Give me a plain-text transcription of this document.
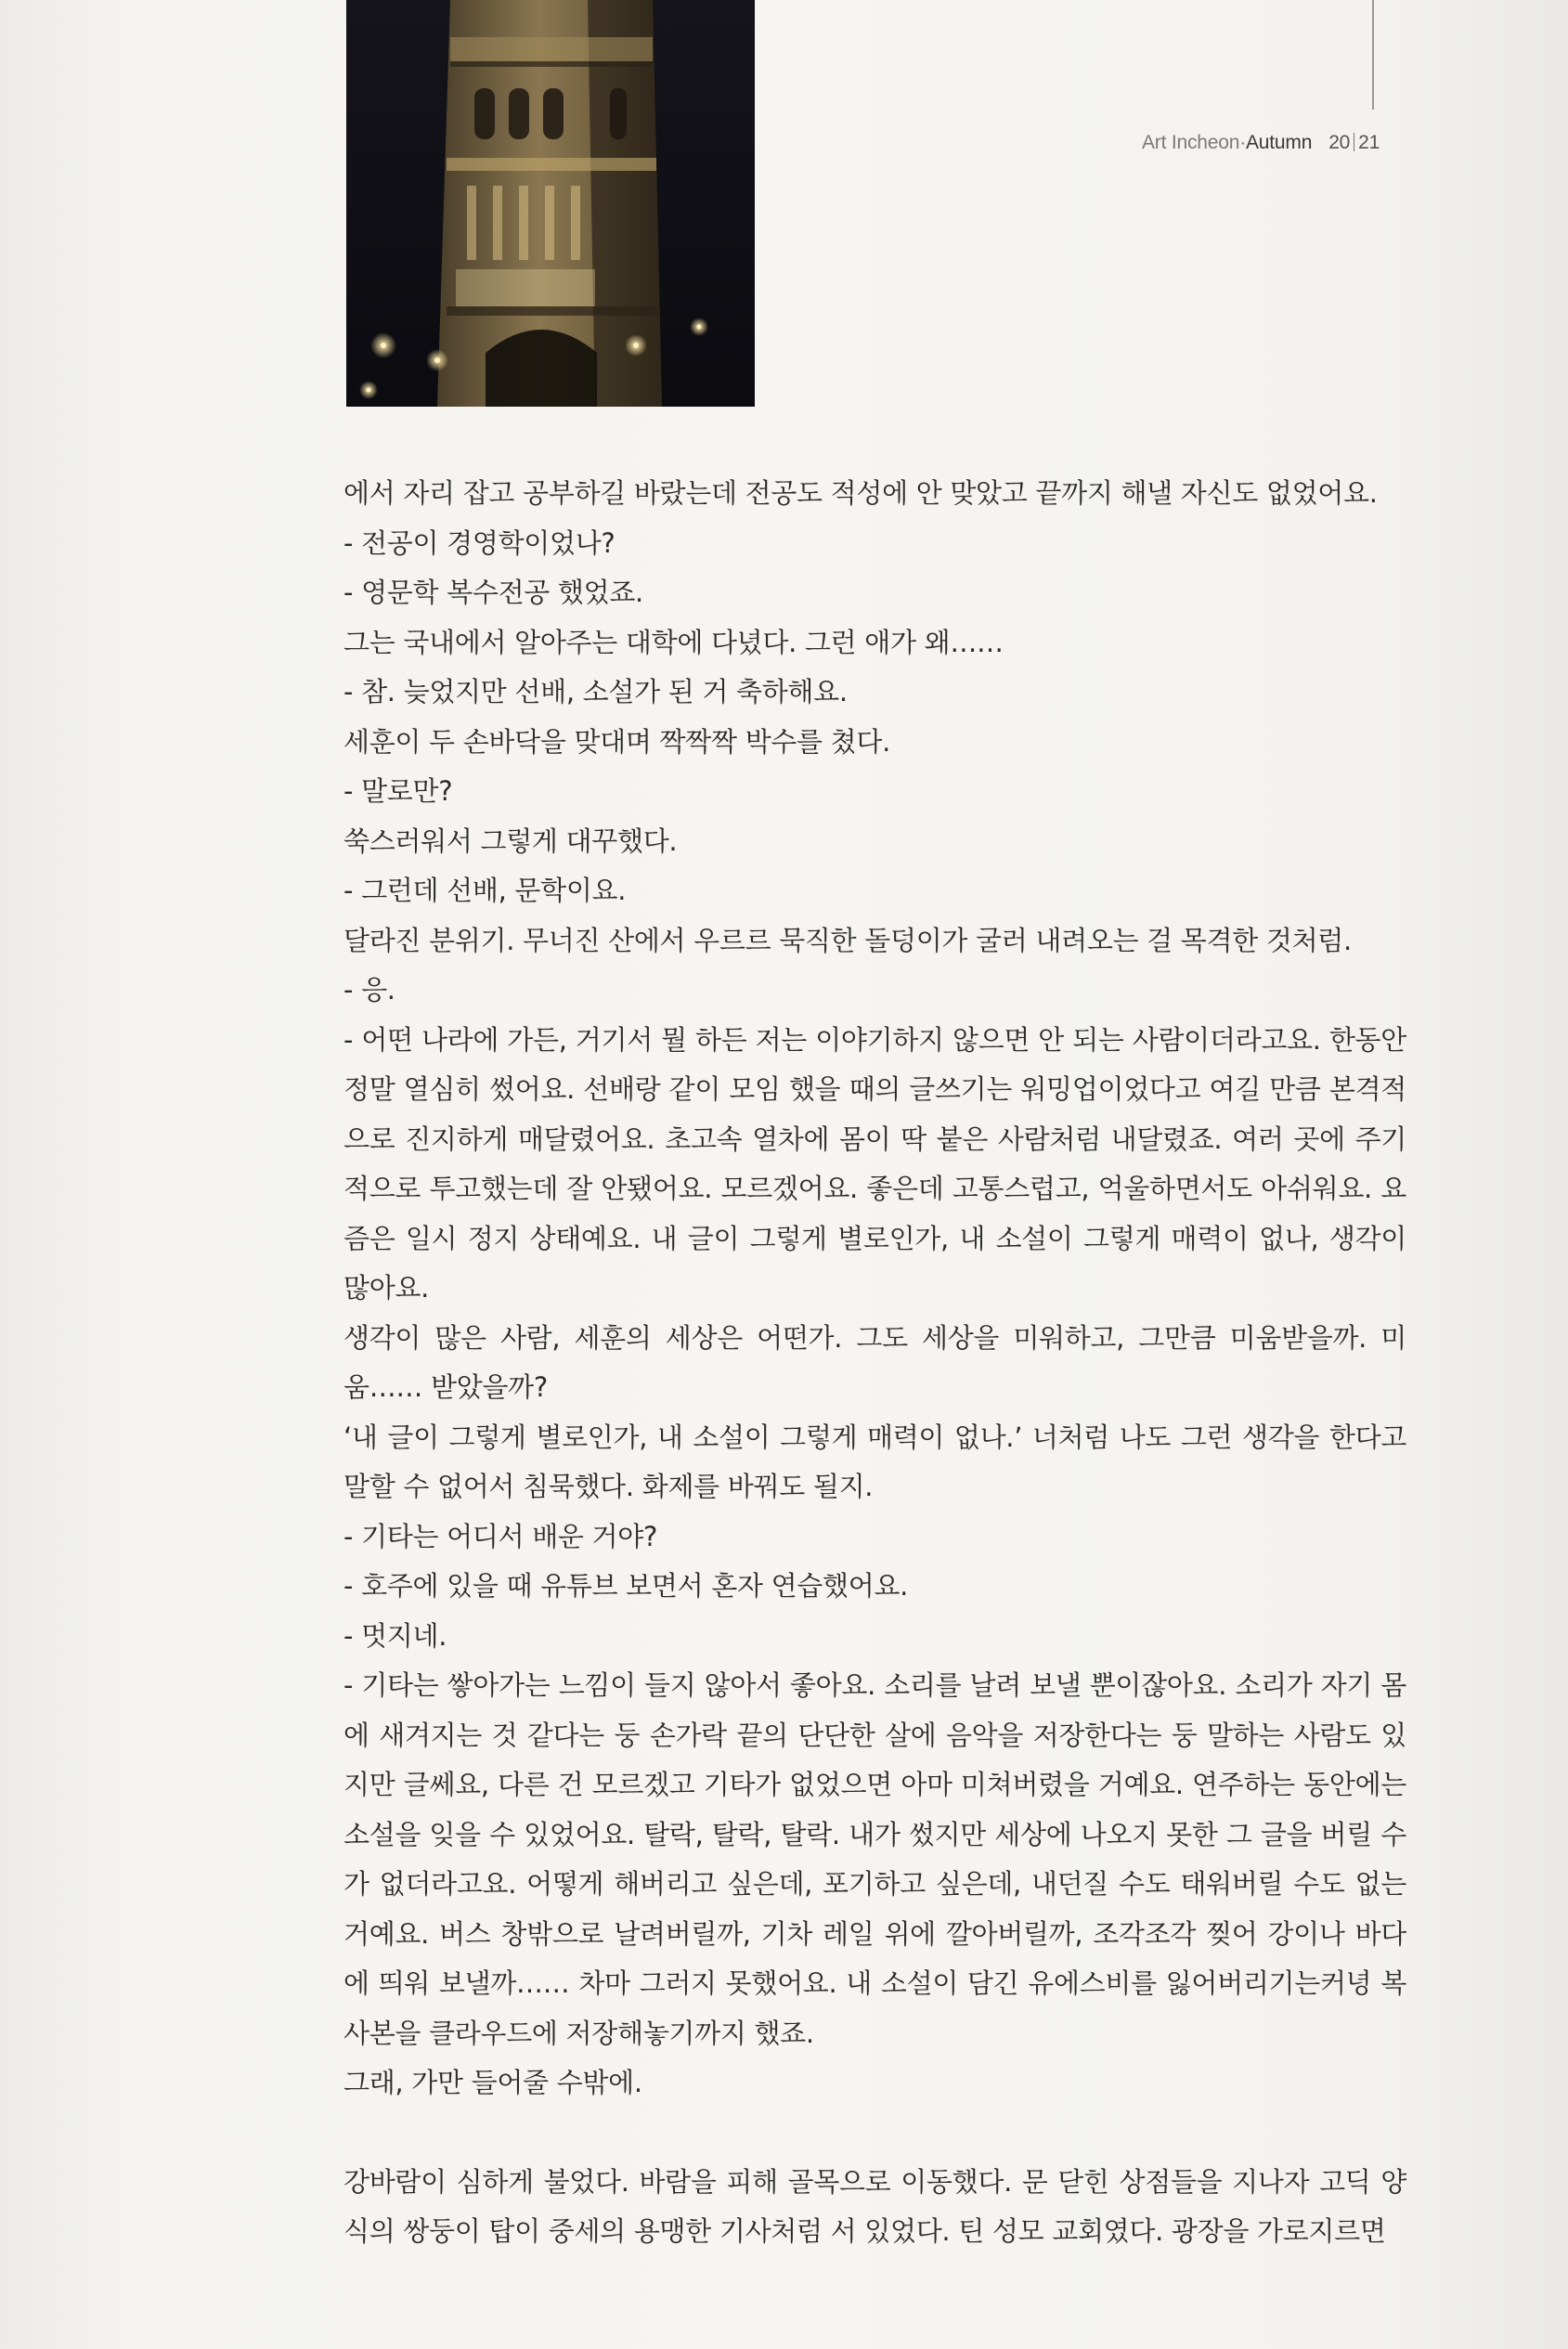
Art Incheon·Autumn 20 21

에서 자리 잡고 공부하길 바랐는데 전공도 적성에 안 맞았고 끝까지 해낼 자신도 없었어요.

- 전공이 경영학이었나?

- 영문학 복수전공 했었죠.

그는 국내에서 알아주는 대학에 다녔다. 그런 애가 왜……

- 참. 늦었지만 선배, 소설가 된 거 축하해요.

세훈이 두 손바닥을 맞대며 짝짝짝 박수를 쳤다.

- 말로만?

쑥스러워서 그렇게 대꾸했다.

- 그런데 선배, 문학이요.

달라진 분위기. 무너진 산에서 우르르 묵직한 돌덩이가 굴러 내려오는 걸 목격한 것처럼.

- 응.

- 어떤 나라에 가든, 거기서 뭘 하든 저는 이야기하지 않으면 안 되는 사람이더라고요. 한동안 정말 열심히 썼어요. 선배랑 같이 모임 했을 때의 글쓰기는 워밍업이었다고 여길 만큼 본격적으로 진지하게 매달렸어요. 초고속 열차에 몸이 딱 붙은 사람처럼 내달렸죠. 여러 곳에 주기적으로 투고했는데 잘 안됐어요. 모르겠어요. 좋은데 고통스럽고, 억울하면서도 아쉬워요. 요즘은 일시 정지 상태예요. 내 글이 그렇게 별로인가, 내 소설이 그렇게 매력이 없나, 생각이 많아요.

생각이 많은 사람, 세훈의 세상은 어떤가. 그도 세상을 미워하고, 그만큼 미움받을까. 미움…… 받았을까?

‘내 글이 그렇게 별로인가, 내 소설이 그렇게 매력이 없나.’ 너처럼 나도 그런 생각을 한다고 말할 수 없어서 침묵했다. 화제를 바꿔도 될지.

- 기타는 어디서 배운 거야?

- 호주에 있을 때 유튜브 보면서 혼자 연습했어요.

- 멋지네.

- 기타는 쌓아가는 느낌이 들지 않아서 좋아요. 소리를 날려 보낼 뿐이잖아요. 소리가 자기 몸에 새겨지는 것 같다는 둥 손가락 끝의 단단한 살에 음악을 저장한다는 둥 말하는 사람도 있지만 글쎄요, 다른 건 모르겠고 기타가 없었으면 아마 미쳐버렸을 거예요. 연주하는 동안에는 소설을 잊을 수 있었어요. 탈락, 탈락, 탈락. 내가 썼지만 세상에 나오지 못한 그 글을 버릴 수가 없더라고요. 어떻게 해버리고 싶은데, 포기하고 싶은데, 내던질 수도 태워버릴 수도 없는 거예요. 버스 창밖으로 날려버릴까, 기차 레일 위에 깔아버릴까, 조각조각 찢어 강이나 바다에 띄워 보낼까…… 차마 그러지 못했어요. 내 소설이 담긴 유에스비를 잃어버리기는커녕 복사본을 클라우드에 저장해놓기까지 했죠.

그래, 가만 들어줄 수밖에.

강바람이 심하게 불었다. 바람을 피해 골목으로 이동했다. 문 닫힌 상점들을 지나자 고딕 양식의 쌍둥이 탑이 중세의 용맹한 기사처럼 서 있었다. 틴 성모 교회였다. 광장을 가로지르면
